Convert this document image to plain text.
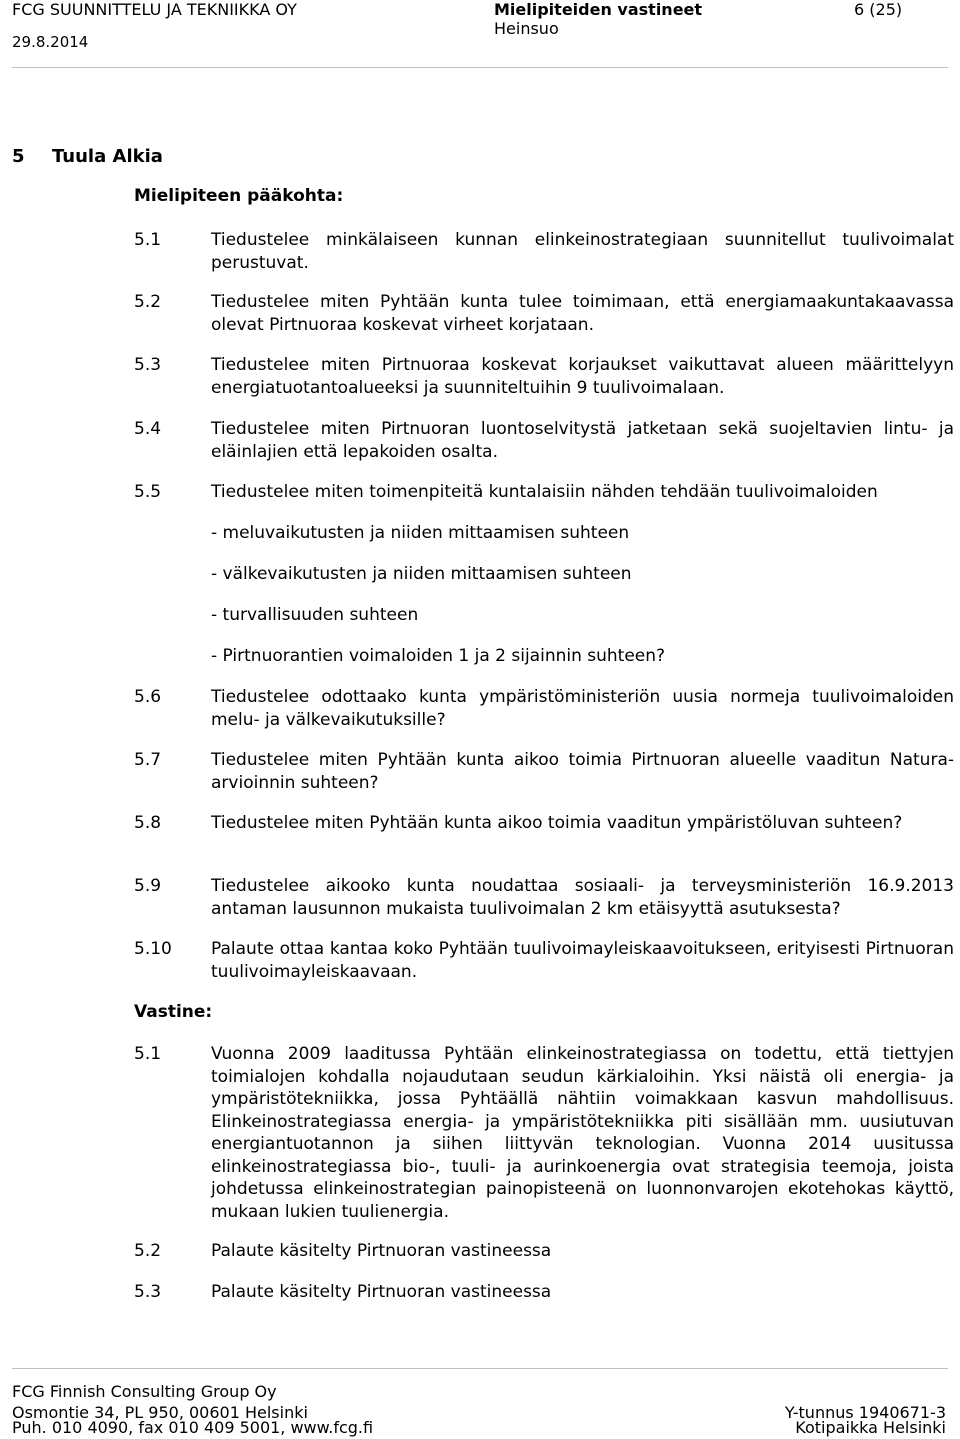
FCG SUUNNITTELU JA TEKNIIKKA OY
29.8.2014
Mielipiteiden vastineet
Heinsuo
6 (25)
5 Tuula Alkia
Mielipiteen pääkohta:
5.1	Tiedustelee minkälaiseen kunnan elinkeinostrategiaan suunnitellut tuulivoimalat perustuvat.
5.2	Tiedustelee miten Pyhtään kunta tulee toimimaan, että energiamaakuntakaavassa olevat Pirtnuoraa koskevat virheet korjataan.
5.3	Tiedustelee miten Pirtnuoraa koskevat korjaukset vaikuttavat alueen määrittelyyn energiatuotantoalueeksi ja suunniteltuihin 9 tuulivoimalaan.
5.4	Tiedustelee miten Pirtnuoran luontoselvitystä jatketaan sekä suojeltavien lintu- ja eläinlajien että lepakoiden osalta.
5.5	Tiedustelee miten toimenpiteitä kuntalaisiin nähden tehdään tuulivoimaloiden
- meluvaikutusten ja niiden mittaamisen suhteen
- välkevaikutusten ja niiden mittaamisen suhteen
- turvallisuuden suhteen
- Pirtnuorantien voimaloiden 1 ja 2 sijainnin suhteen?
5.6	Tiedustelee odottaako kunta ympäristöministeriön uusia normeja tuulivoimaloiden melu- ja välkevaikutuksille?
5.7	Tiedustelee miten Pyhtään kunta aikoo toimia Pirtnuoran alueelle vaaditun Natura-arvioinnin suhteen?
5.8	Tiedustelee miten Pyhtään kunta aikoo toimia vaaditun ympäristöluvan suhteen?
5.9	Tiedustelee aikooko kunta noudattaa sosiaali- ja terveysministeriön 16.9.2013 antaman lausunnon mukaista tuulivoimalan 2 km etäisyyttä asutuksesta?
5.10 Palaute ottaa kantaa koko Pyhtään tuulivoimayleiskaavoitukseen, erityisesti Pirtnuoran tuulivoimayleiskaavaan.
Vastine:
5.1	Vuonna 2009 laaditussa Pyhtään elinkeinostrategiassa on todettu, että tiettyjen toimialojen kohdalla nojaudutaan seudun kärkialoihin. Yksi näistä oli energia- ja ympäristötekniikka, jossa Pyhtäällä nähtiin voimakkaan kasvun mahdollisuus. Elinkeinostrategiassa energia- ja ympäristötekniikka piti sisällään mm. uusiutuvan energiantuotannon ja siihen liittyvän teknologian. Vuonna 2014 uusitussa elinkeinostrategiassa bio-, tuuli- ja aurinkoenergia ovat strategisia teemoja, joista johdetussa elinkeinostrategian painopisteenä on luonnonvarojen ekotehokas käyttö, mukaan lukien tuulienergia.
5.2	Palaute käsitelty Pirtnuoran vastineessa
5.3	Palaute käsitelty Pirtnuoran vastineessa
FCG Finnish Consulting Group Oy
Osmontie 34, PL 950, 00601 Helsinki
Puh. 010 4090, fax 010 409 5001, www.fcg.fi
Y-tunnus 1940671-3
Kotipaikka Helsinki
